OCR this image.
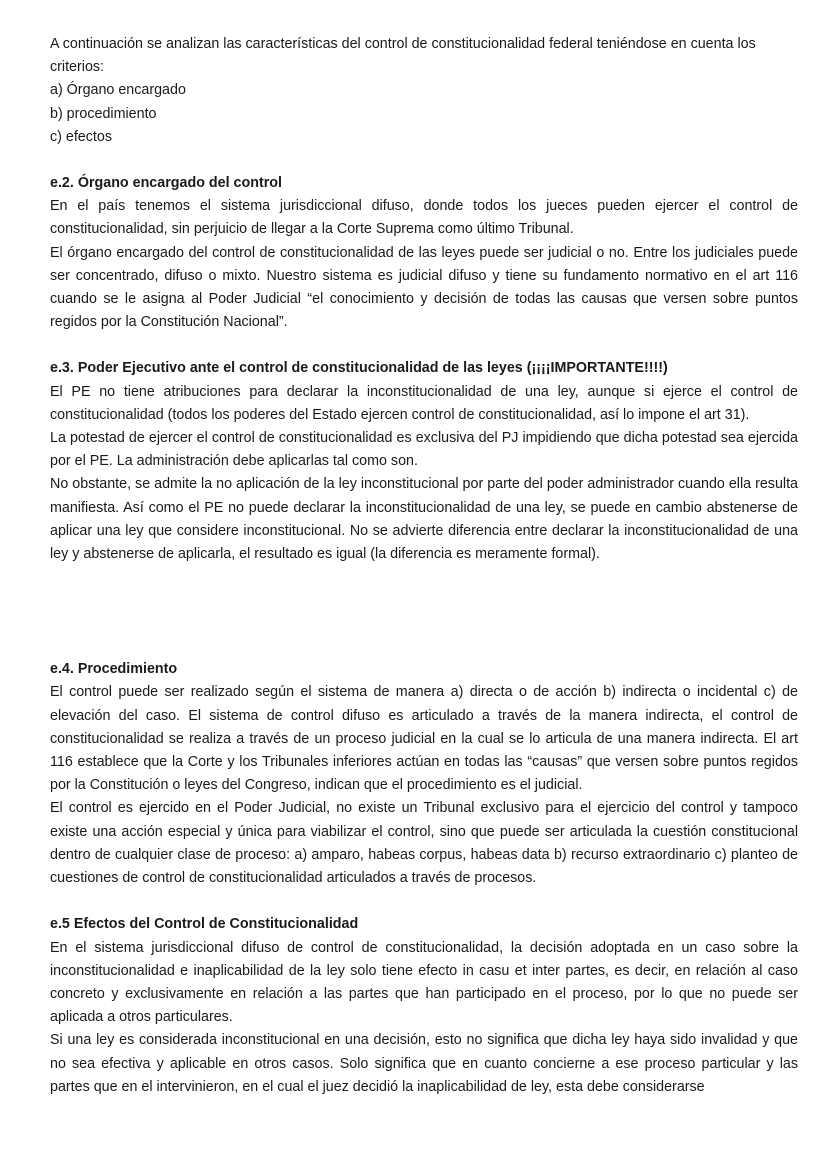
A continuación se analizan las características del control de constitucionalidad federal teniéndose en cuenta los criterios:

a) Órgano encargado

b) procedimiento

c) efectos

e.2. Órgano encargado del control

En el país tenemos el sistema jurisdiccional difuso, donde todos los jueces pueden ejercer el control de constitucionalidad, sin perjuicio de llegar a la Corte Suprema como último Tribunal.

El órgano encargado del control de constitucionalidad de las leyes puede ser judicial o no. Entre los judiciales puede ser concentrado, difuso o mixto. Nuestro sistema es judicial difuso y tiene su fundamento normativo en el art 116 cuando se le asigna al Poder Judicial “el conocimiento y decisión de todas las causas que versen sobre puntos regidos por la Constitución Nacional”.

e.3. Poder Ejecutivo ante el control de constitucionalidad de las leyes (¡¡¡¡IMPORTANTE!!!!)

El PE no tiene atribuciones para declarar la inconstitucionalidad de una ley, aunque si ejerce el control de constitucionalidad (todos los poderes del Estado ejercen control de constitucionalidad, así lo impone el art 31).

La potestad de ejercer el control de constitucionalidad es exclusiva del PJ impidiendo que dicha potestad sea ejercida por el PE. La administración debe aplicarlas tal como son.

No obstante, se admite la no aplicación de la ley inconstitucional por parte del poder administrador cuando ella resulta manifiesta. Así como el PE no puede declarar la inconstitucionalidad de una ley, se puede en cambio abstenerse de aplicar una ley que considere inconstitucional. No se advierte diferencia entre declarar la inconstitucionalidad de una ley y abstenerse de aplicarla, el resultado es igual (la diferencia es meramente formal).

e.4. Procedimiento

El control puede ser realizado según el sistema de manera a) directa o de acción b) indirecta o incidental c) de elevación del caso. El sistema de control difuso es articulado a través de la manera indirecta, el control de constitucionalidad se realiza a través de un proceso judicial en la cual se lo articula de una manera indirecta. El art 116 establece que la Corte y los Tribunales inferiores actúan en todas las “causas” que versen sobre puntos regidos por la Constitución o leyes del Congreso, indican que el procedimiento es el judicial.

El control es ejercido en el Poder Judicial, no existe un Tribunal exclusivo para el ejercicio del control y tampoco existe una acción especial y única para viabilizar el control, sino que puede ser articulada la cuestión constitucional dentro de cualquier clase de proceso: a) amparo, habeas corpus, habeas data b) recurso extraordinario c) planteo de cuestiones de control de constitucionalidad articulados a través de procesos.

e.5 Efectos del Control de Constitucionalidad

En el sistema jurisdiccional difuso de control de constitucionalidad, la decisión adoptada en un caso sobre la inconstitucionalidad e inaplicabilidad de la ley solo tiene efecto in casu et inter partes, es decir, en relación al caso concreto y exclusivamente en relación a las partes que han participado en el proceso, por lo que no puede ser aplicada a otros particulares.

Si una ley es considerada inconstitucional en una decisión, esto no significa que dicha ley haya sido invalidad y que no sea efectiva y aplicable en otros casos. Solo significa que en cuanto concierne a ese proceso particular y las partes que en el intervinieron, en el cual el juez decidió la inaplicabilidad de ley, esta debe considerarse
